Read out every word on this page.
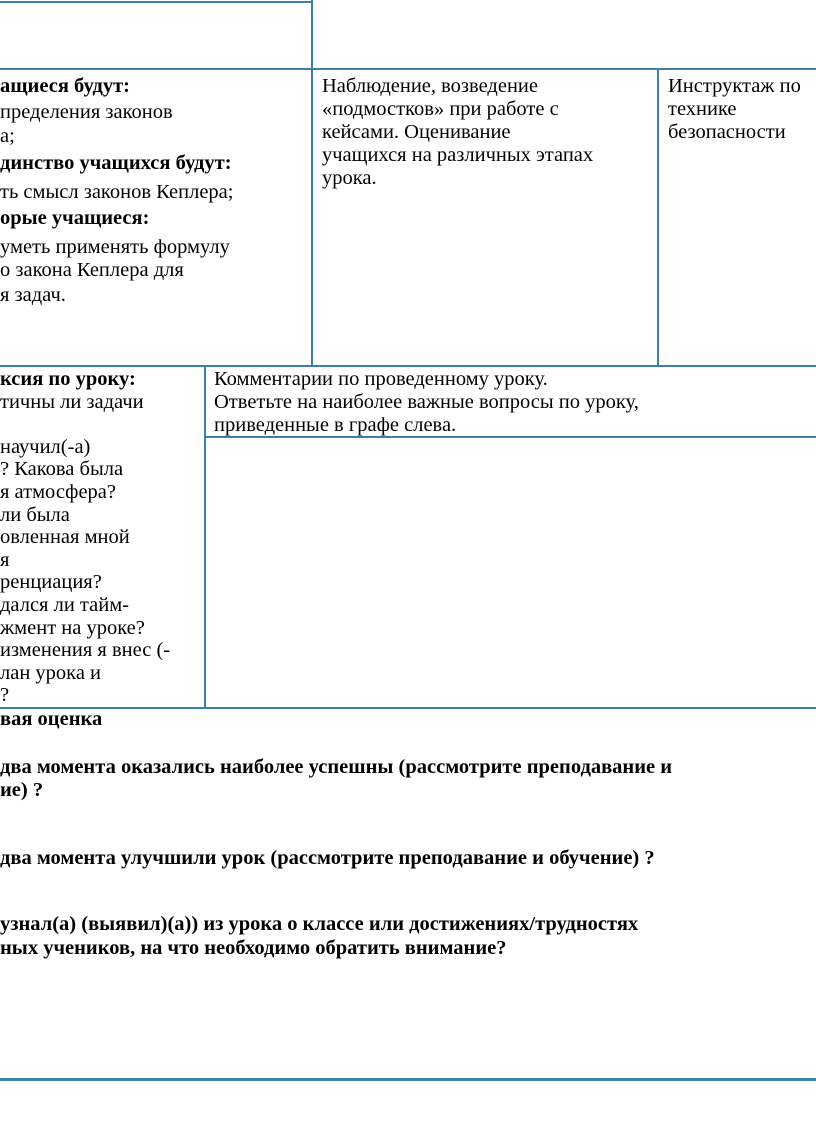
ащиеся будут:
пределения законов
а;
динство учащихся будут:
ть смысл законов Кеплера;
орые учащиеся:
уметь применять формулу
о закона Кеплера для
я задач.
Наблюдение, возведение
«подмостков» при работе с
кейсами. Оценивание
учащихся на различных этапах
урока.
Инструктаж по
технике
безопасности
ксия по уроку:
тичны ли задачи
научил(-а)
? Какова была
я атмосфера?
ли была
овленная мной
я
ренциация?
дался ли тайм-
жмент на уроке?
изменения я внес (-
лан урока и
?
Комментарии по проведенному уроку.
Ответьте на наиболее важные вопросы по уроку,
приведенные в графе слева.
вая оценка
два момента оказались наиболее успешны (рассмотрите преподавание и
ие) ?
два момента улучшили урок (рассмотрите преподавание и обучение) ?
узнал(а) (выявил)(а)) из урока о классе или достижениях/трудностях
ных учеников, на что необходимо обратить внимание?
